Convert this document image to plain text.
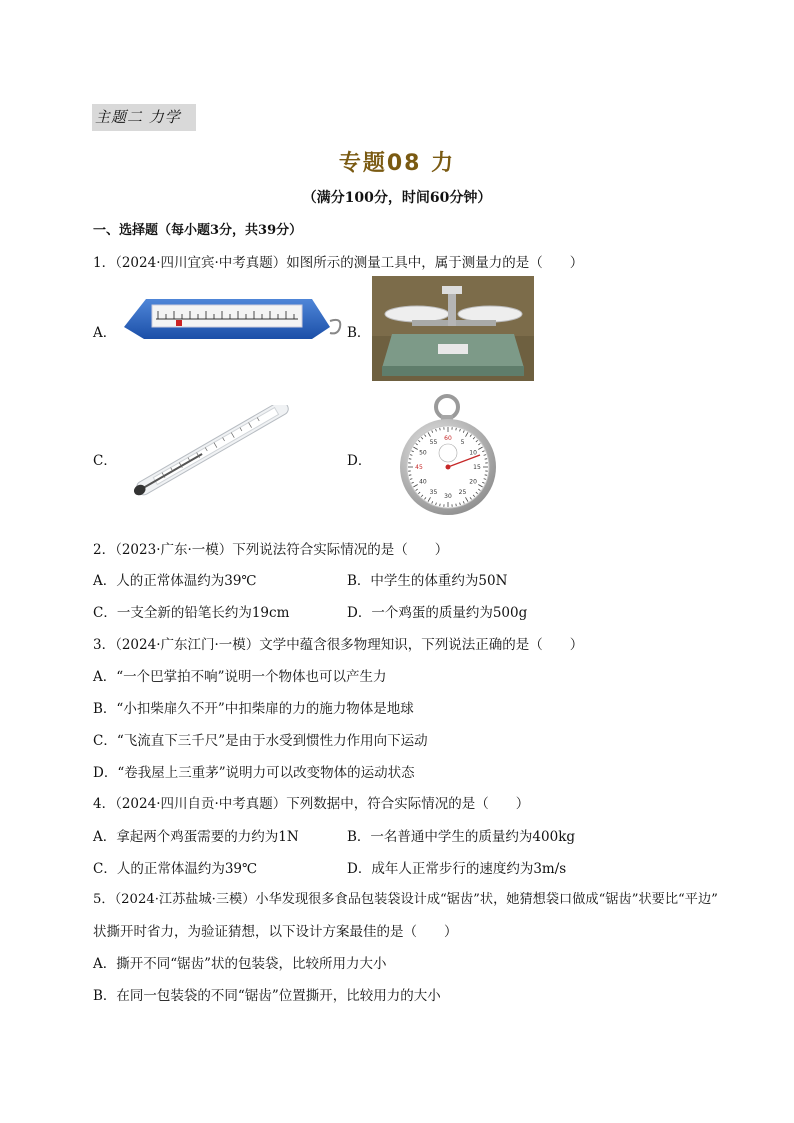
主题二 力学
专题08 力
（满分100分，时间60分钟）
一、选择题（每小题3分，共39分）
1．（2024·四川宜宾·中考真题）如图所示的测量工具中，属于测量力的是（　　）
A．	B．
C．	D．
60
5
10
15
20
25
30
35
40
45
50
55
2．（2023·广东·一模）下列说法符合实际情况的是（　　）
A．人的正常体温约为39℃	B．中学生的体重约为50N
C．一支全新的铅笔长约为19cm	D．一个鸡蛋的质量约为500g
3．（2024·广东江门·一模）文学中蕴含很多物理知识，下列说法正确的是（　　）
A．“一个巴掌拍不响”说明一个物体也可以产生力
B．“小扣柴扉久不开”中扣柴扉的力的施力物体是地球
C．“飞流直下三千尺”是由于水受到惯性力作用向下运动
D．“卷我屋上三重茅”说明力可以改变物体的运动状态
4．（2024·四川自贡·中考真题）下列数据中，符合实际情况的是（　　）
A．拿起两个鸡蛋需要的力约为1N	B．一名普通中学生的质量约为400kg
C．人的正常体温约为39℃	D．成年人正常步行的速度约为3m/s
5．（2024·江苏盐城·三模）小华发现很多食品包装袋设计成“锯齿”状，她猜想袋口做成“锯齿”状要比“平边”
状撕开时省力，为验证猜想，以下设计方案最佳的是（　　）
A．撕开不同“锯齿”状的包装袋，比较所用力大小
B．在同一包装袋的不同“锯齿”位置撕开，比较用力的大小
